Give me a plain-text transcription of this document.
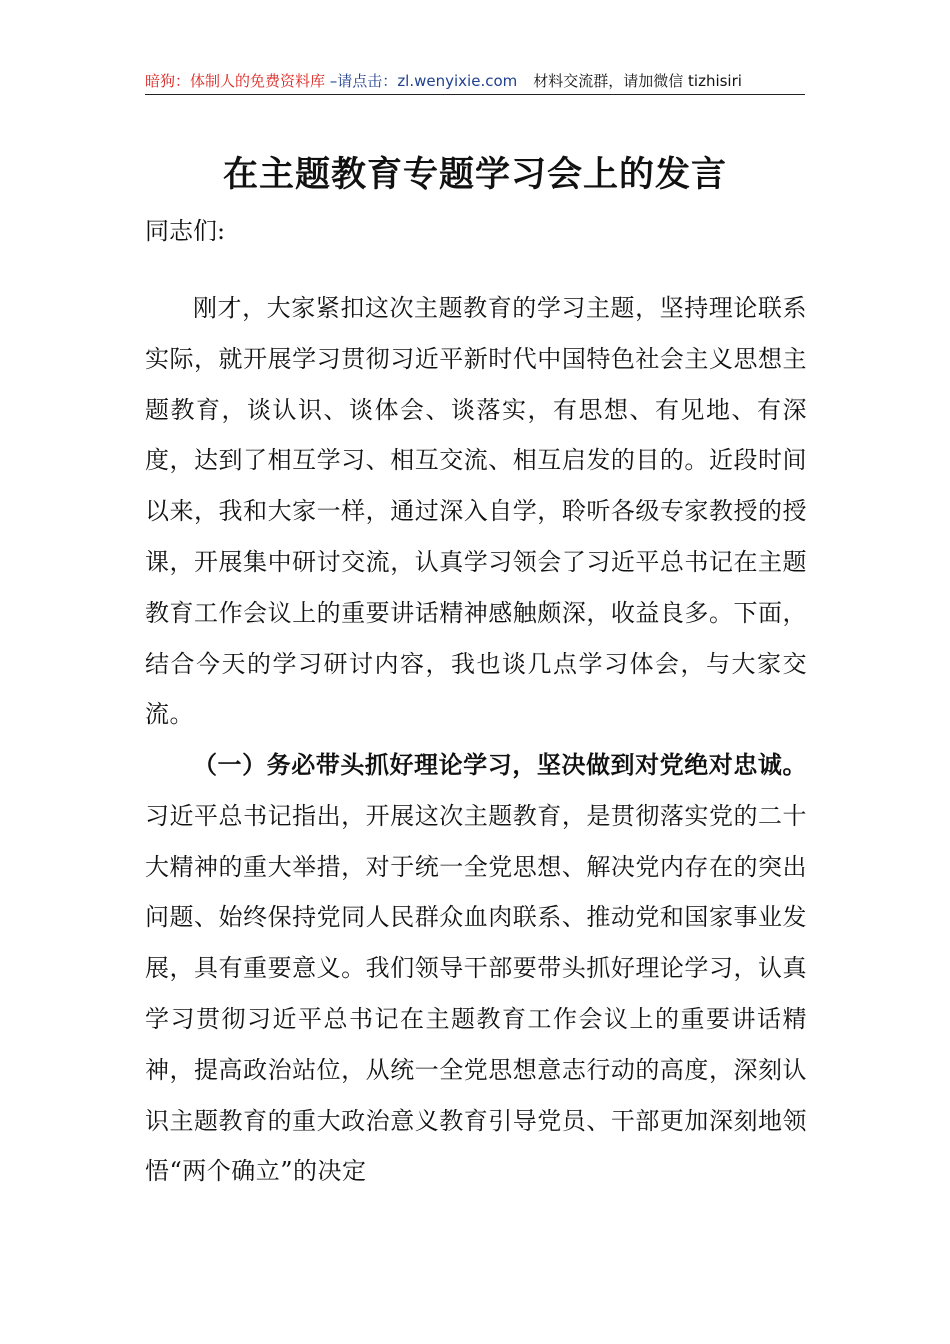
暗狗：体制人的免费资料库 –请点击：zl.wenyixie.com 材料交流群，请加微信 tizhisiri
在主题教育专题学习会上的发言
同志们:
刚才，大家紧扣这次主题教育的学习主题，坚持理论联系实际，就开展学习贯彻习近平新时代中国特色社会主义思想主题教育，谈认识、谈体会、谈落实，有思想、有见地、有深度，达到了相互学习、相互交流、相互启发的目的。近段时间以来，我和大家一样，通过深入自学，聆听各级专家教授的授课，开展集中研讨交流，认真学习领会了习近平总书记在主题教育工作会议上的重要讲话精神感触颇深，收益良多。下面，结合今天的学习研讨内容，我也谈几点学习体会，与大家交流。
（一）务必带头抓好理论学习，坚决做到对党绝对忠诚。习近平总书记指出，开展这次主题教育，是贯彻落实党的二十大精神的重大举措，对于统一全党思想、解决党内存在的突出问题、始终保持党同人民群众血肉联系、推动党和国家事业发展，具有重要意义。我们领导干部要带头抓好理论学习，认真学习贯彻习近平总书记在主题教育工作会议上的重要讲话精神，提高政治站位，从统一全党思想意志行动的高度，深刻认识主题教育的重大政治意义教育引导党员、干部更加深刻地领悟“两个确立”的决定
